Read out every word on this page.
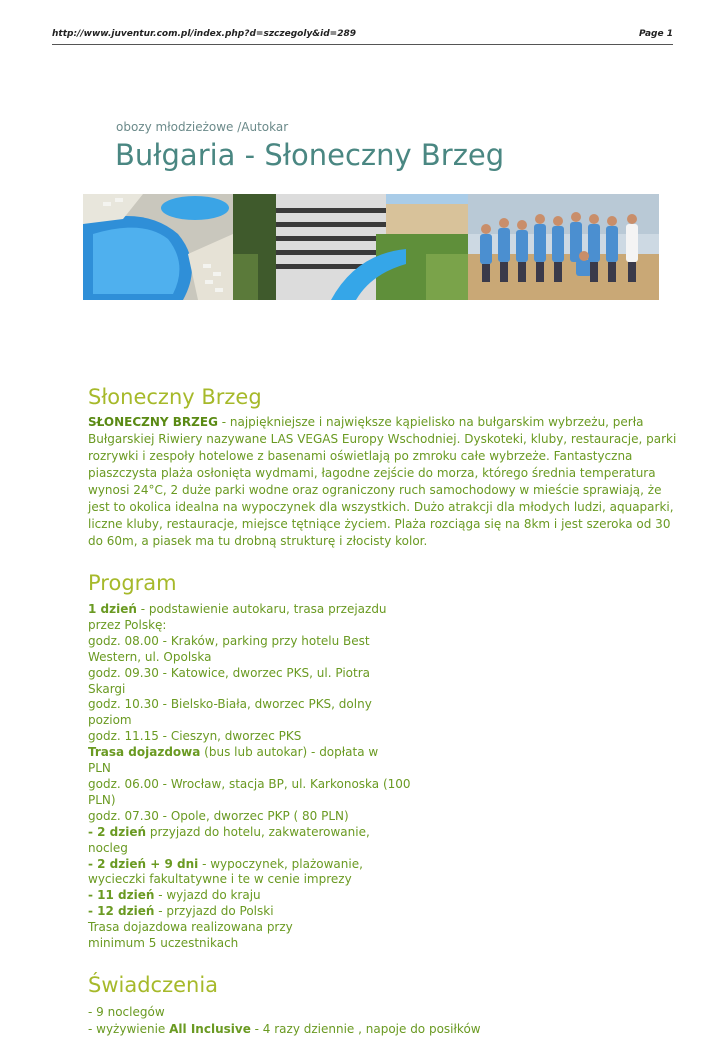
http://www.juventur.com.pl/index.php?d=szczegoly&id=289	Page 1
obozy młodzieżowe /Autokar
Bułgaria - Słoneczny Brzeg
Słoneczny Brzeg

SŁONECZNY BRZEG - najpiękniejsze i największe kąpielisko na bułgarskim wybrzeżu, perła Bułgarskiej Riwiery nazywane LAS VEGAS Europy Wschodniej. Dyskoteki, kluby, restauracje, parki rozrywki i zespoły hotelowe z basenami oświetlają po zmroku całe wybrzeże. Fantastyczna piaszczysta plaża osłonięta wydmami, łagodne zejście do morza, którego średnia temperatura wynosi 24°C, 2 duże parki wodne oraz ograniczony ruch samochodowy w mieście sprawiają, że jest to okolica idealna na wypoczynek dla wszystkich. Dużo atrakcji dla młodych ludzi, aquaparki, liczne kluby, restauracje, miejsce tętniące życiem. Plaża rozciąga się na 8km i jest szeroka od 30 do 60m, a piasek ma tu drobną strukturę i złocisty kolor.

Program
1 dzień - podstawienie autokaru, trasa przejazdu przez Polskę:
godz. 08.00 - Kraków, parking przy hotelu Best Western, ul. Opolska
godz. 09.30 - Katowice, dworzec PKS, ul. Piotra Skargi
godz. 10.30 - Bielsko-Biała, dworzec PKS, dolny poziom
godz. 11.15 - Cieszyn, dworzec PKS
Trasa dojazdowa (bus lub autokar) - dopłata w PLN
godz. 06.00 - Wrocław, stacja BP, ul. Karkonoska (100 PLN)
godz. 07.30 - Opole, dworzec PKP ( 80 PLN)
- 2 dzień przyjazd do hotelu, zakwaterowanie, nocleg
- 2 dzień + 9 dni - wypoczynek, plażowanie, wycieczki fakultatywne i te w cenie imprezy
- 11 dzień - wyjazd do kraju
- 12 dzień - przyjazd do Polski
Trasa dojazdowa realizowana przy minimum 5 uczestnikach
Świadczenia
- 9 noclegów
- wyżywienie All Inclusive - 4 razy dziennie , napoje do posiłków
